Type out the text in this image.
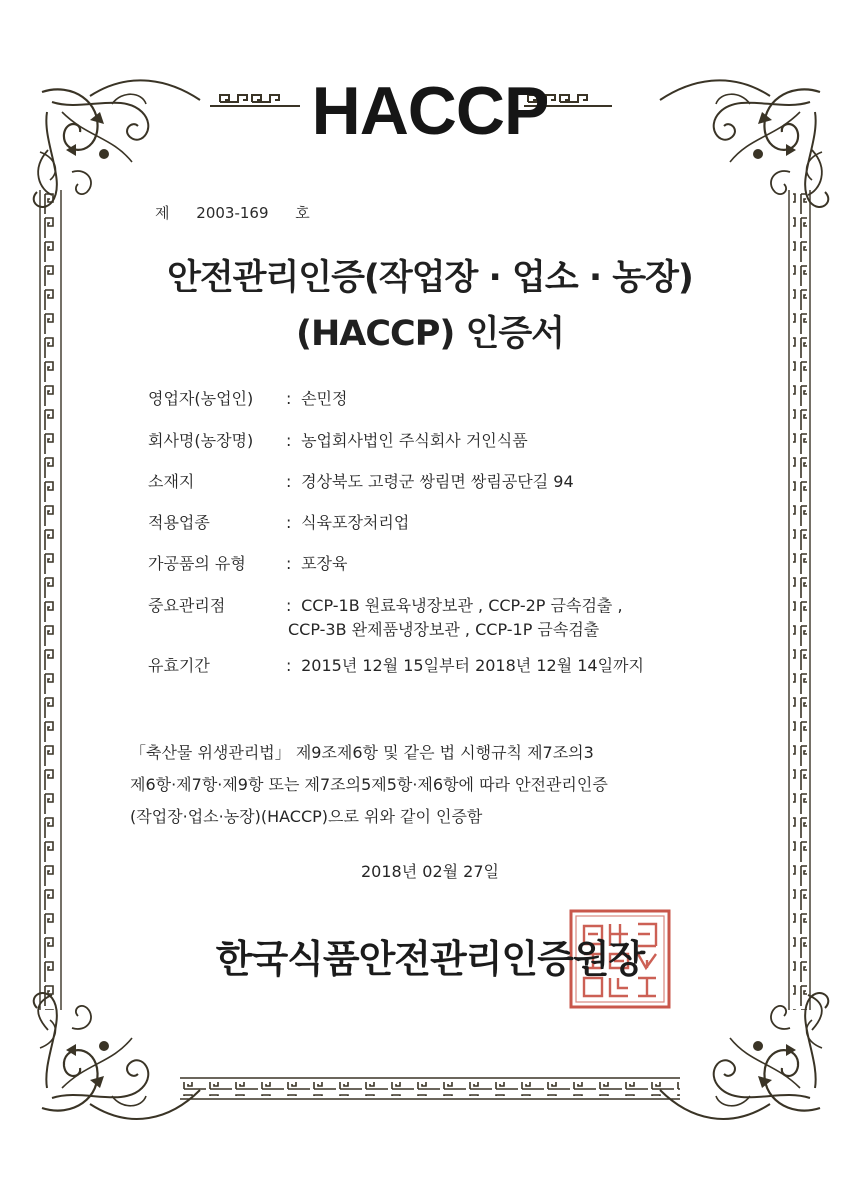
HACCP
제 2003-169 호
안전관리인증(작업장 · 업소 · 농장)
(HACCP) 인증서
영업자(농업인) : 손민정
회사명(농장명) : 농업회사법인 주식회사 거인식품
소재지	: 경상북도 고령군 쌍림면 쌍림공단길 94
적용업종	: 식육포장처리업
가공품의 유형	: 포장육
중요관리점	: CCP-1B 원료육냉장보관 , CCP-2P 금속검출 ,
CCP-3B 완제품냉장보관 , CCP-1P 금속검출
유효기간	: 2015년 12월 15일부터 2018년 12월 14일까지
「축산물 위생관리법」 제9조제6항 및 같은 법 시행규칙 제7조의3
제6항·제7항·제9항 또는 제7조의5제5항·제6항에 따라 안전관리인증
(작업장·업소·농장)(HACCP)으로 위와 같이 인증함
2018년 02월 27일
한국식품안전관리인증원장
